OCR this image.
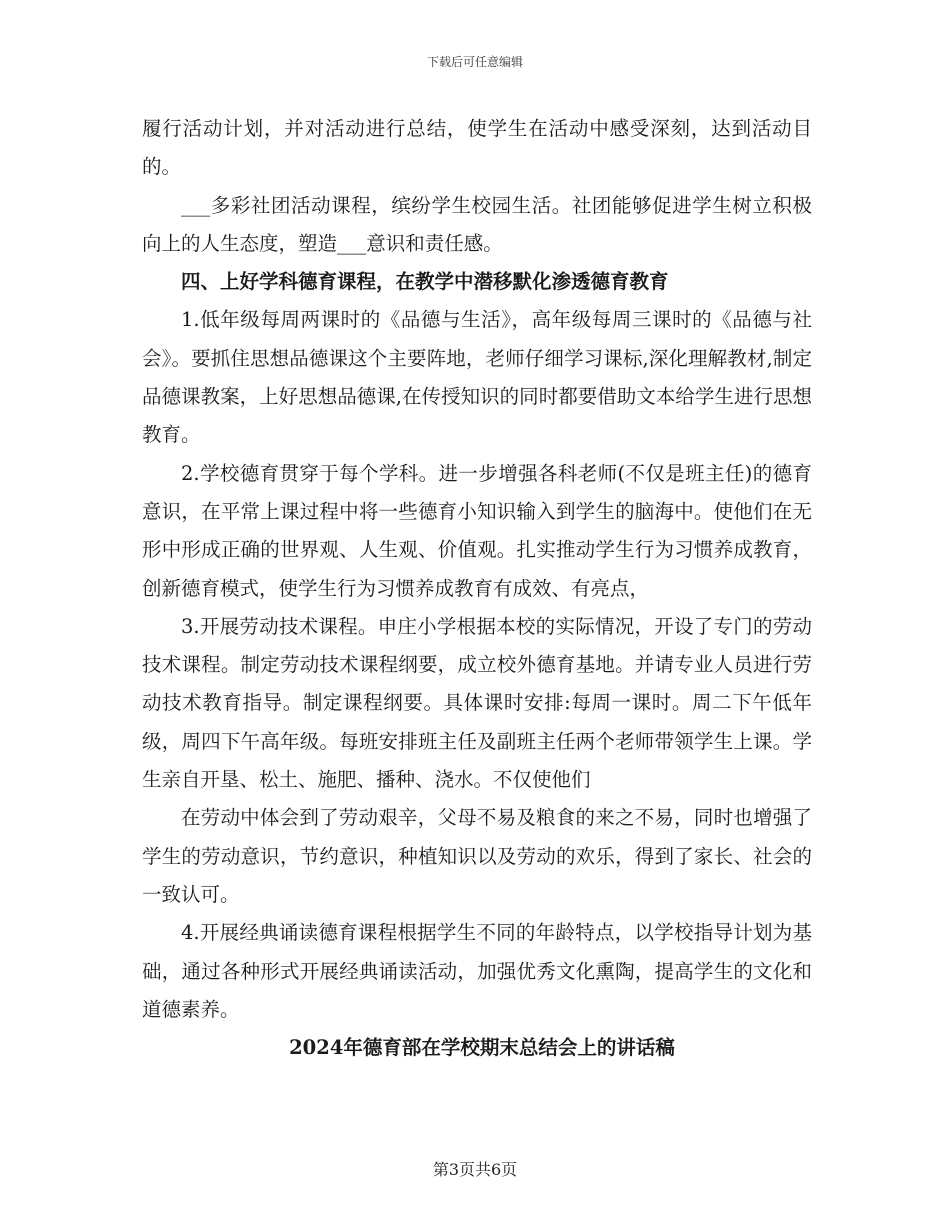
下载后可任意编辑

履行活动计划，并对活动进行总结，使学生在活动中感受深刻，达到活动目的。

___多彩社团活动课程，缤纷学生校园生活。社团能够促进学生树立积极向上的人生态度，塑造___意识和责任感。

四、上好学科德育课程，在教学中潜移默化渗透德育教育

1.低年级每周两课时的《品德与生活》，高年级每周三课时的《品德与社会》。要抓住思想品德课这个主要阵地，老师仔细学习课标,深化理解教材,制定品德课教案，上好思想品德课,在传授知识的同时都要借助文本给学生进行思想教育。

2.学校德育贯穿于每个学科。进一步增强各科老师(不仅是班主任)的德育意识，在平常上课过程中将一些德育小知识输入到学生的脑海中。使他们在无形中形成正确的世界观、人生观、价值观。扎实推动学生行为习惯养成教育，创新德育模式，使学生行为习惯养成教育有成效、有亮点，

3.开展劳动技术课程。申庄小学根据本校的实际情况，开设了专门的劳动技术课程。制定劳动技术课程纲要，成立校外德育基地。并请专业人员进行劳动技术教育指导。制定课程纲要。具体课时安排:每周一课时。周二下午低年级，周四下午高年级。每班安排班主任及副班主任两个老师带领学生上课。学生亲自开垦、松土、施肥、播种、浇水。不仅使他们

在劳动中体会到了劳动艰辛，父母不易及粮食的来之不易，同时也增强了学生的劳动意识，节约意识，种植知识以及劳动的欢乐，得到了家长、社会的一致认可。

4.开展经典诵读德育课程根据学生不同的年龄特点，以学校指导计划为基础，通过各种形式开展经典诵读活动，加强优秀文化熏陶，提高学生的文化和道德素养。

2024年德育部在学校期末总结会上的讲话稿

第3页共6页
